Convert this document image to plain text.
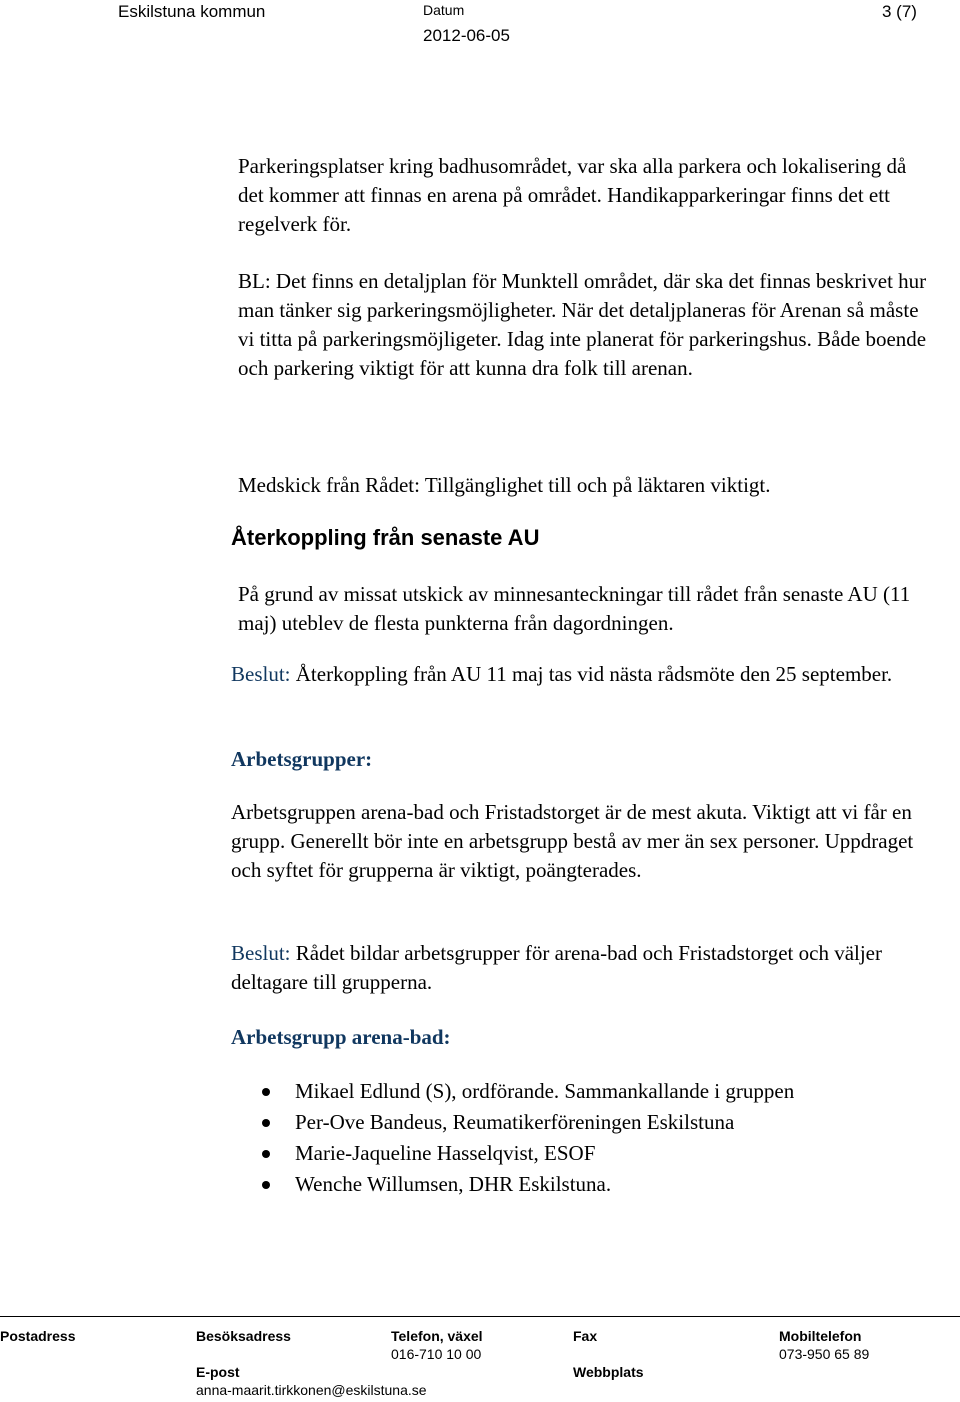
Eskilstuna kommun	Datum
2012-06-05
3 (7)

Parkeringsplatser kring badhusområdet, var ska alla parkera och lokalisering då det kommer att finnas en arena på området. Handikapparkeringar finns det ett regelverk för.

BL: Det finns en detaljplan för Munktell området, där ska det finnas beskrivet hur man tänker sig parkeringsmöjligheter. När det detaljplaneras för Arenan så måste vi titta på parkeringsmöjligeter. Idag inte planerat för parkeringshus. Både boende och parkering viktigt för att kunna dra folk till arenan.

Medskick från Rådet: Tillgänglighet till och på läktaren viktigt.

Återkoppling från senaste AU

På grund av missat utskick av minnesanteckningar till rådet från senaste AU (11 maj) uteblev de flesta punkterna från dagordningen.

Beslut: Återkoppling från AU 11 maj tas vid nästa rådsmöte den 25 september.

Arbetsgrupper:

Arbetsgruppen arena-bad och Fristadstorget är de mest akuta. Viktigt att vi får en grupp. Generellt bör inte en arbetsgrupp bestå av mer än sex personer. Uppdraget och syftet för grupperna är viktigt, poängterades.

Beslut: Rådet bildar arbetsgrupper för arena-bad och Fristadstorget och väljer deltagare till grupperna.

Arbetsgrupp arena-bad:
Mikael Edlund (S), ordförande. Sammankallande i gruppen
Per-Ove Bandeus, Reumatikerföreningen Eskilstuna
Marie-Jaqueline Hasselqvist, ESOF
Wenche Willumsen, DHR Eskilstuna.
Postadress	Besöksadress	Telefon, växel
016-710 10 00
Fax	Mobiltelefon
073-950 65 89
E-post
anna-maarit.tirkkonen@eskilstuna.se
Webbplats
